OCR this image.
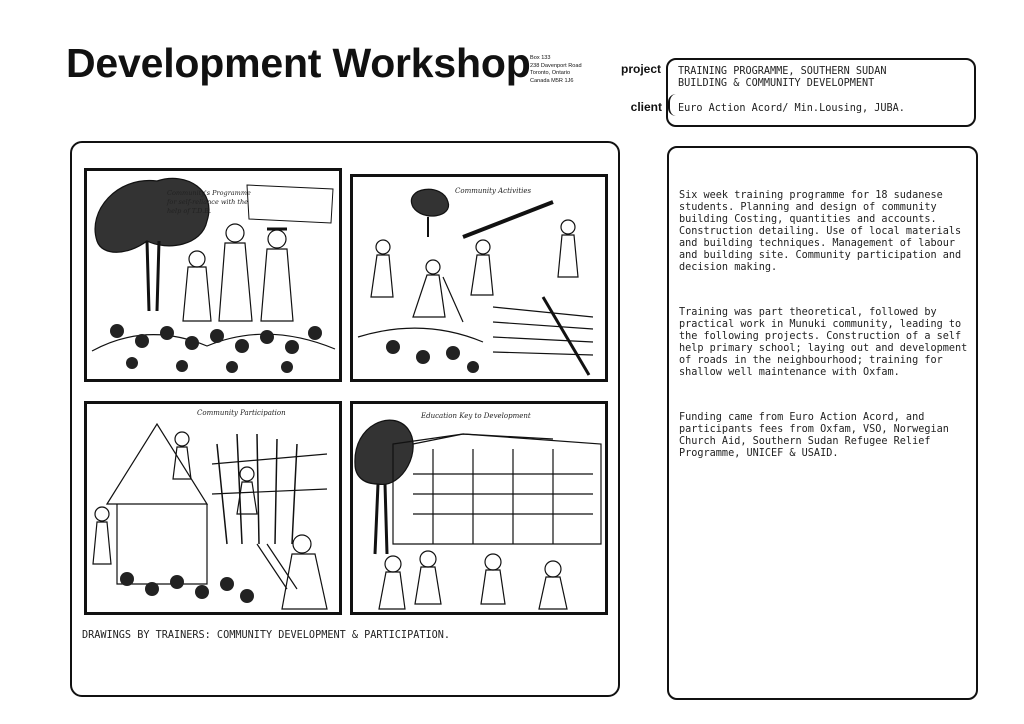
Development Workshop Box 133
238 Davenport Road
Toronto, Ontario
Canada M5R 1J6
project
client
TRAINING PROGRAMME, SOUTHERN SUDAN
BUILDING & COMMUNITY DEVELOPMENT
Euro Action Acord/ Min.Lousing, JUBA.
Community's Programme for self-reliance with the help of T.D.B.
Community Activities
Community Participation	Education Key to Development
DRAWINGS BY TRAINERS: COMMUNITY DEVELOPMENT & PARTICIPATION.

Six week training programme for 18 sudanese students. Planning and design of community building Costing, quantities and accounts. Construction detailing. Use of local materials and building techniques. Management of labour and building site. Community participation and decision making.

Training was part theoretical, followed by practical work in Munuki community, leading to the following projects. Construction of a self help primary school; laying out and development of roads in the neighbourhood; training for shallow well maintenance with Oxfam.

Funding came from Euro Action Acord, and participants fees from Oxfam, VSO, Norwegian Church Aid, Southern Sudan Refugee Relief Programme, UNICEF & USAID.
